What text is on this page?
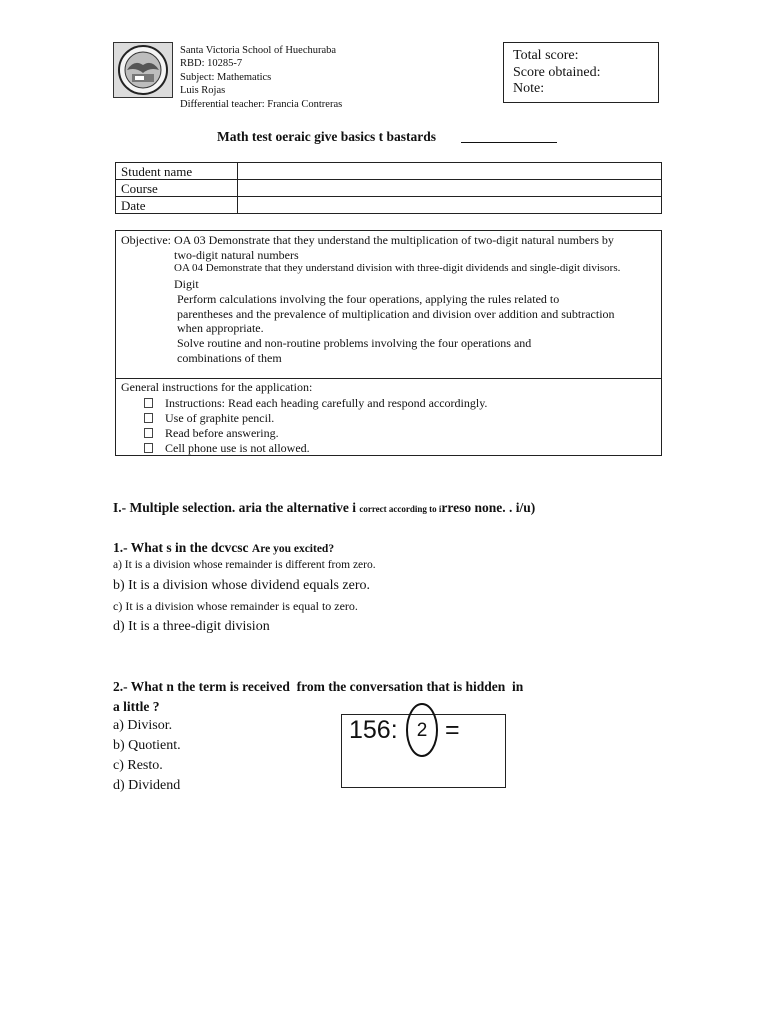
Santa Victoria School of Huechuraba
RBD: 10285-7
Subject: Mathematics
Luis Rojas
Differential teacher: Francia Contreras
Total score:
Score obtained:
Note:
Math test oeraic give basics t bastards
Student name	
Course	
Date	
Objective: OA 03 Demonstrate that they understand the multiplication of two-digit natural numbers by
two-digit natural numbers
OA 04 Demonstrate that they understand division with three-digit dividends and single-digit divisors.
Digit
Perform calculations involving the four operations, applying the rules related to
parentheses and the prevalence of multiplication and division over addition and subtraction
when appropriate.
Solve routine and non-routine problems involving the four operations and
combinations of them
General instructions for the application:
Instructions: Read each heading carefully and respond accordingly.
Use of graphite pencil.
Read before answering.
Cell phone use is not allowed.
I.- Multiple selection. aria the alternative i correct according to irreso none. . i/u)
1.- What s in the dcvcsc Are you excited?
a) It is a division whose remainder is different from zero.
b) It is a division whose dividend equals zero.
c) It is a division whose remainder is equal to zero.
d) It is a three-digit division
2.- What n the term is received  from the conversation that is hidden  in
a little ?
a) Divisor.
b) Quotient.
c) Resto.
d) Dividend
156:	2 =
